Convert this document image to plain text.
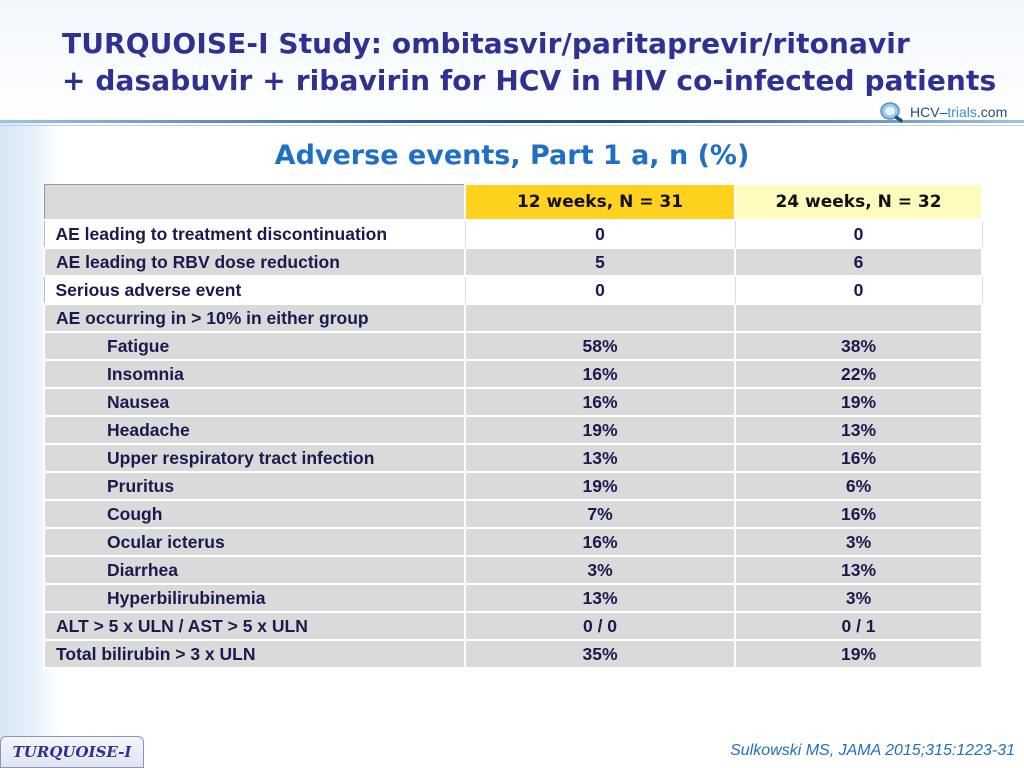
TURQUOISE-I Study: ombitasvir/paritaprevir/ritonavir
+ dasabuvir + ribavirin for HCV in HIV co-infected patients
HCV–trials.com
Adverse events, Part 1 a, n (%)
	12 weeks, N = 31	24 weeks, N = 32
AE leading to treatment discontinuation	0	0
AE leading to RBV dose reduction	5	6
Serious adverse event	0	0
AE occurring in > 10% in either group		
Fatigue	58%	38%
Insomnia	16%	22%
Nausea	16%	19%
Headache	19%	13%
Upper respiratory tract infection	13%	16%
Pruritus	19%	6%
Cough	7%	16%
Ocular icterus	16%	3%
Diarrhea	3%	13%
Hyperbilirubinemia	13%	3%
ALT > 5 x ULN / AST > 5 x ULN	0 / 0	0 / 1
Total bilirubin > 3 x ULN	35%	19%
TURQUOISE-I	Sulkowski MS, JAMA 2015;315:1223-31
